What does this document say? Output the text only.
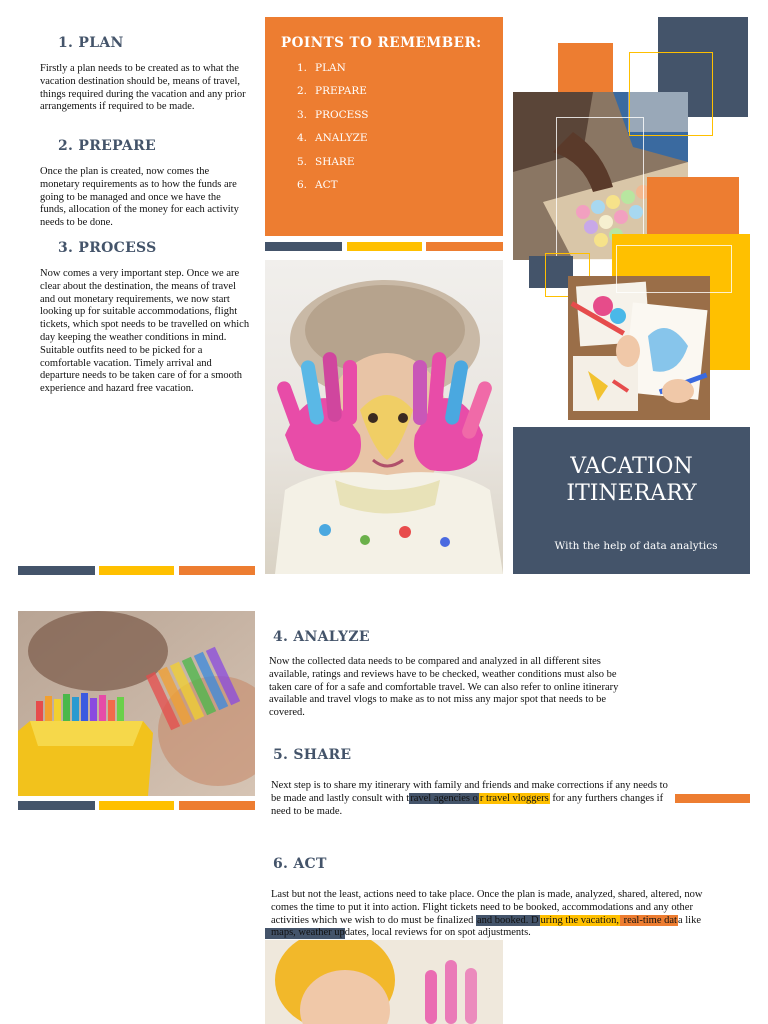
1. PLAN
Firstly a plan needs to be created as to what the vacation destination should be, means of travel, things required during the vacation and any prior arrangements if required to be made.
2. PREPARE
Once the plan is created, now comes the monetary requirements as to how the funds are going to be managed and once we have the funds, allocation of the money for each activity needs to be done.
3. PROCESS
Now comes a very important step. Once we are clear about the destination, the means of travel and out monetary requirements, we now start looking up for suitable accommodations, flight tickets, which spot needs to be travelled on which day keeping the weather conditions in mind. Suitable outfits need to be picked for a comfortable vacation. Timely arrival and departure needs to be taken care of for a smooth experience and hazard free vacation.
POINTS TO REMEMBER:
1. PLAN
2. PREPARE
3. PROCESS
4. ANALYZE
5. SHARE
6. ACT
VACATION
ITINERARY
With the help of data analytics
4. ANALYZE
Now the collected data needs to be compared and analyzed in all different sites available, ratings and reviews have to be checked, weather conditions must also be taken care of for a safe and comfortable travel. We can also refer to online itinerary available and travel vlogs to make as to not miss any major spot that needs to be covered.
5. SHARE
Next step is to share my itinerary with family and friends and make corrections if any needs to be made and lastly consult with travel agencies o r travel vloggers for any furthers changes if need to be made.
6. ACT
Last but not the least, actions need to take place. Once the plan is made, analyzed, shared, altered, now comes the time to put it into action. Flight tickets need to be booked, accommodations and any other activities which we wish to do must be finalized and booked. D uring the vacation, real-time data like maps, weather updates, local reviews for on spot adjustments.
